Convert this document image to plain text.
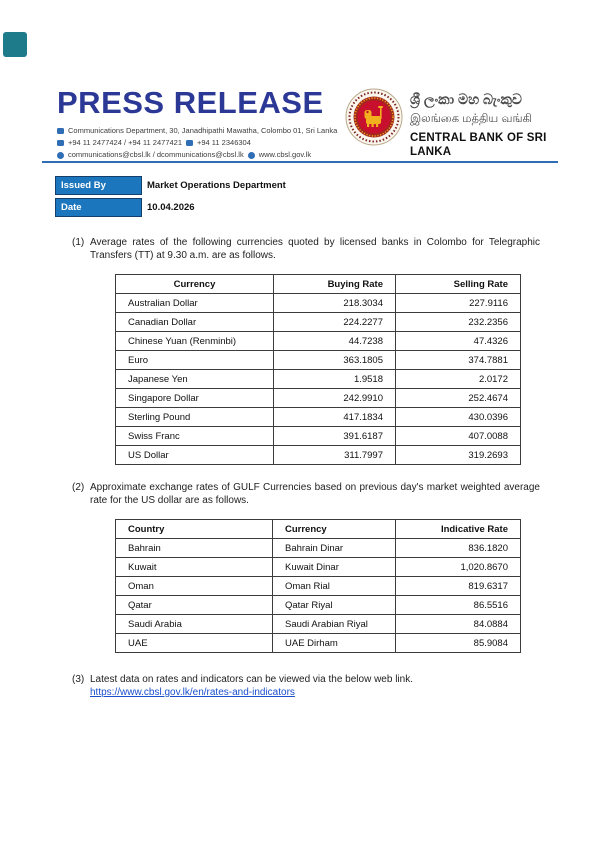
PRESS RELEASE
Communications Department, 30, Janadhipathi Mawatha, Colombo 01, Sri Lanka
+94 11 2477424 / +94 11 2477421 +94 11 2346304
communications@cbsl.lk / dcommunications@cbsl.lk www.cbsl.gov.lk
ශ්‍රී ලංකා මහ බැංකුව
இலங்கை மத்திய வங்கி
CENTRAL BANK OF SRI LANKA
Issued By	Market Operations Department
Date	10.04.2026

(1) Average rates of the following currencies quoted by licensed banks in Colombo for Telegraphic Transfers (TT) at 9.30 a.m. are as follows.

Currency	Buying Rate	Selling Rate
Australian Dollar	218.3034	227.9116
Canadian Dollar	224.2277	232.2356
Chinese Yuan (Renminbi)	44.7238	47.4326
Euro	363.1805	374.7881
Japanese Yen	1.9518	2.0172
Singapore Dollar	242.9910	252.4674
Sterling Pound	417.1834	430.0396
Swiss Franc	391.6187	407.0088
US Dollar	311.7997	319.2693

(2) Approximate exchange rates of GULF Currencies based on previous day's market weighted average rate for the US dollar are as follows.

Country	Currency	Indicative Rate
Bahrain	Bahrain Dinar	836.1820
Kuwait	Kuwait Dinar	1,020.8670
Oman	Oman Rial	819.6317
Qatar	Qatar Riyal	86.5516
Saudi Arabia	Saudi Arabian Riyal	84.0884
UAE	UAE Dirham	85.9084

(3) Latest data on rates and indicators can be viewed via the below web link.

https://www.cbsl.gov.lk/en/rates-and-indicators
